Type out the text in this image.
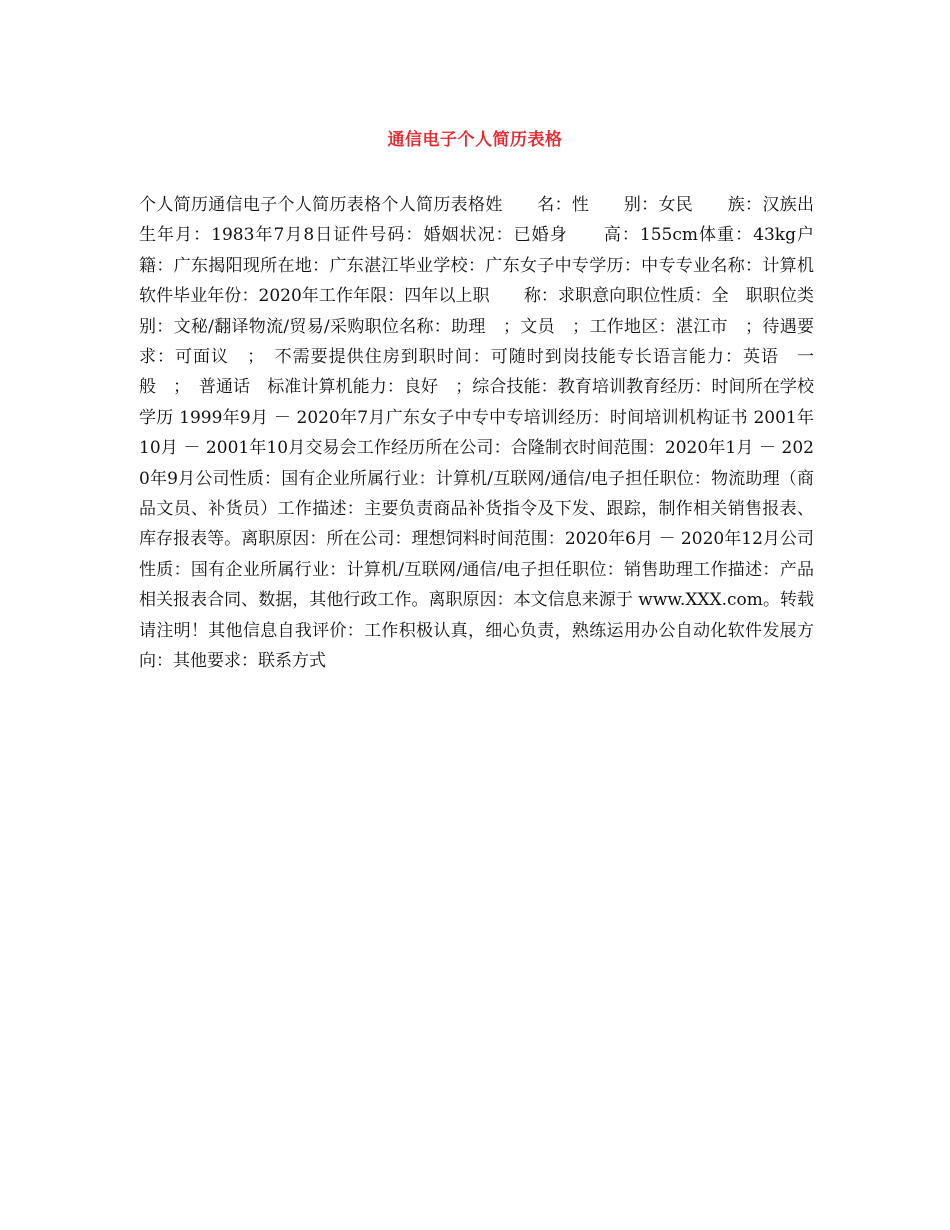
通信电子个人简历表格

个人简历通信电子个人简历表格个人简历表格姓　　名：性　　别：女民　　族：汉族出生年月：1983年7月8日证件号码：婚姻状况：已婚身　　高：155cm体重：43kg户　　籍：广东揭阳现所在地：广东湛江毕业学校：广东女子中专学历：中专专业名称：计算机软件毕业年份：2020年工作年限：四年以上职　　称：求职意向职位性质：全　职职位类别：文秘/翻译物流/贸易/采购职位名称：助理　；文员　；工作地区：湛江市　；待遇要求：可面议　；　不需要提供住房到职时间：可随时到岗技能专长语言能力：英语　一般　；　普通话　标准计算机能力：良好　；综合技能：教育培训教育经历：时间所在学校学历 1999年9月 － 2020年7月广东女子中专中专培训经历：时间培训机构证书 2001年10月 － 2001年10月交易会工作经历所在公司：合隆制衣时间范围：2020年1月 － 2020年9月公司性质：国有企业所属行业：计算机/互联网/通信/电子担任职位：物流助理（商品文员、补货员）工作描述：主要负责商品补货指令及下发、跟踪，制作相关销售报表、库存报表等。离职原因：所在公司：理想饲料时间范围：2020年6月 － 2020年12月公司性质：国有企业所属行业：计算机/互联网/通信/电子担任职位：销售助理工作描述：产品相关报表合同、数据，其他行政工作。离职原因：本文信息来源于 www.XXX.com。转载请注明！其他信息自我评价：工作积极认真，细心负责，熟练运用办公自动化软件发展方向：其他要求：联系方式
